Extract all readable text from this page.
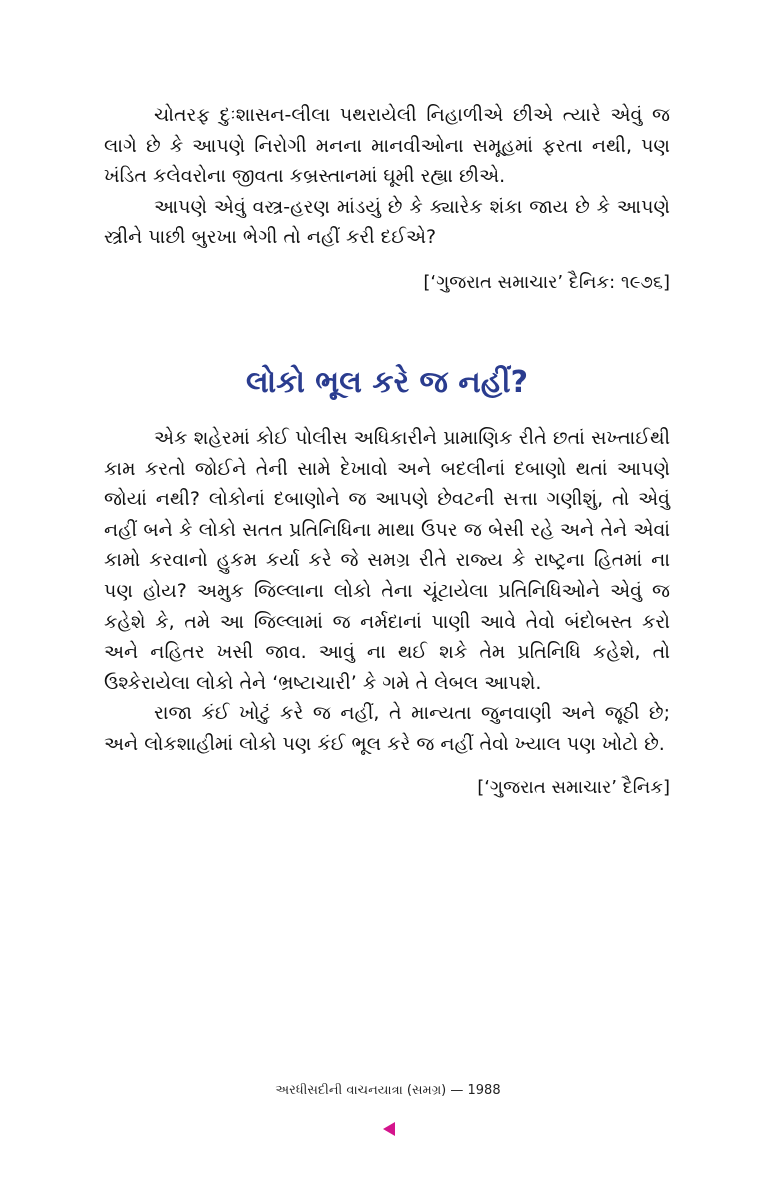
ચોતરફ દુઃશાસન-લીલા પથરાયેલી નિહાળીએ છીએ ત્યારે એવું જ લાગે છે કે આપણે નિરોગી મનના માનવીઓના સમૂહમાં ફરતા નથી, પણ ખંડિત કલેવરોના જીવતા કબ્રસ્તાનમાં ઘૂમી રહ્યા છીએ.

આપણે એવું વસ્ત્ર-હરણ માંડયું છે કે ક્યારેક શંકા જાય છે કે આપણે સ્ત્રીને પાછી બુરખા ભેગી તો નહીં કરી દઈએ?

[‘ગુજરાત સમાચાર’ દૈનિક: ૧૯૭૬]

લોકો ભૂલ કરે જ નહીં?

એક શહેરમાં કોઈ પોલીસ અધિકારીને પ્રામાણિક રીતે છતાં સખ્તાઈથી કામ કરતો જોઈને તેની સામે દેખાવો અને બદલીનાં દબાણો થતાં આપણે જોયાં નથી? લોકોનાં દબાણોને જ આપણે છેવટની સત્તા ગણીશું, તો એવું નહીં બને કે લોકો સતત પ્રતિનિધિના માથા ઉપર જ બેસી રહે અને તેને એવાં કામો કરવાનો હુકમ કર્યા કરે જે સમગ્ર રીતે રાજ્ય કે રાષ્ટ્રના હિતમાં ના પણ હોય? અમુક જિલ્લાના લોકો તેના ચૂંટાયેલા પ્રતિનિધિઓને એવું જ કહેશે કે, તમે આ જિલ્લામાં જ નર્મદાનાં પાણી આવે તેવો બંદોબસ્ત કરો અને નહિતર ખસી જાવ. આવું ના થઈ શકે તેમ પ્રતિનિધિ કહેશે, તો ઉશ્કેરાયેલા લોકો તેને ‘ભ્રષ્ટાચારી’ કે ગમે તે લેબલ આપશે.

રાજા કંઈ ખોટું કરે જ નહીં, તે માન્યતા જુનવાણી અને જૂઠી છે; અને લોકશાહીમાં લોકો પણ કંઈ ભૂલ કરે જ નહીં તેવો ખ્યાલ પણ ખોટો છે.

[‘ગુજરાત સમાચાર’ દૈનિક]

અરધીસદીની વાચનયાત્રા (સમગ્ર) — 1988
